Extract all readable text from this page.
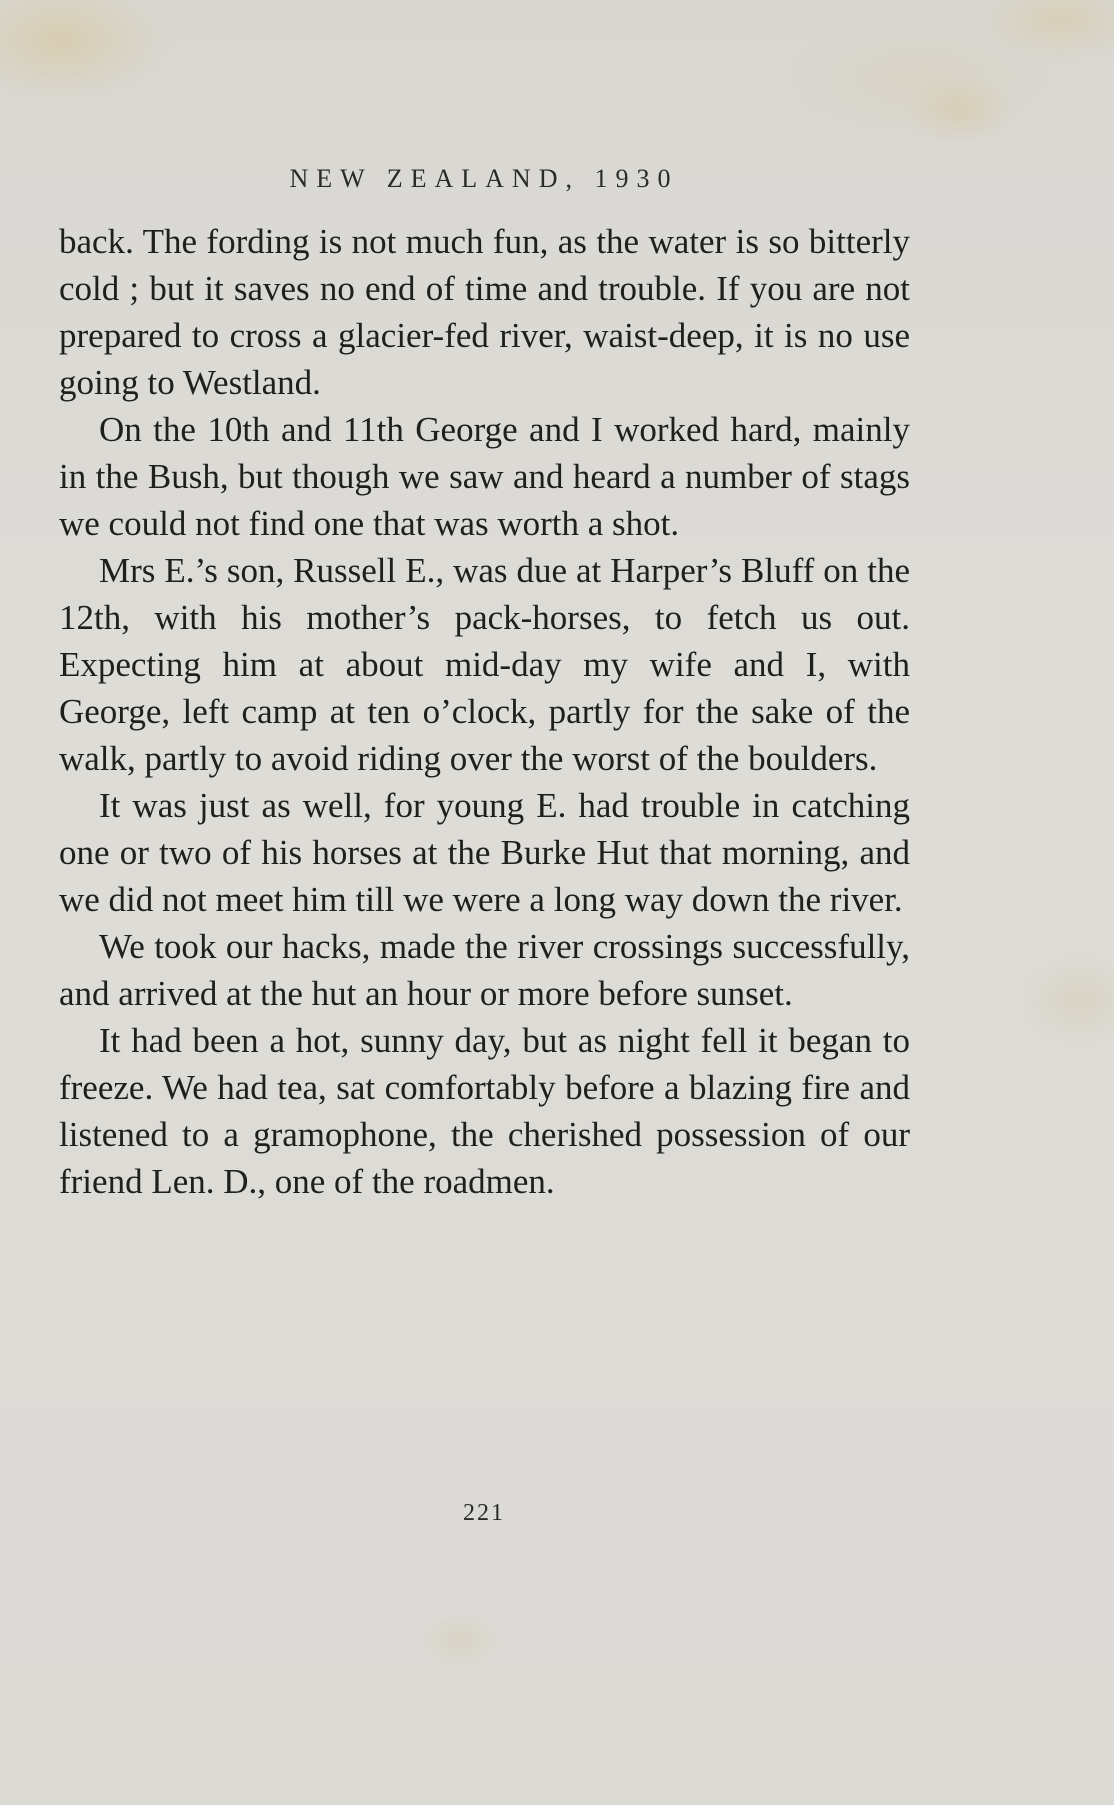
NEW ZEALAND, 1930

back. The fording is not much fun, as the water is so bitterly cold ; but it saves no end of time and trouble. If you are not prepared to cross a glacier-fed river, waist-deep, it is no use going to Westland.

On the 10th and 11th George and I worked hard, mainly in the Bush, but though we saw and heard a number of stags we could not find one that was worth a shot.

Mrs E.’s son, Russell E., was due at Harper’s Bluff on the 12th, with his mother’s pack-horses, to fetch us out. Expecting him at about mid-day my wife and I, with George, left camp at ten o’clock, partly for the sake of the walk, partly to avoid riding over the worst of the boulders.

It was just as well, for young E. had trouble in catching one or two of his horses at the Burke Hut that morning, and we did not meet him till we were a long way down the river.

We took our hacks, made the river crossings successfully, and arrived at the hut an hour or more before sunset.

It had been a hot, sunny day, but as night fell it began to freeze. We had tea, sat comfortably before a blazing fire and listened to a gramophone, the cherished possession of our friend Len. D., one of the roadmen.

221
